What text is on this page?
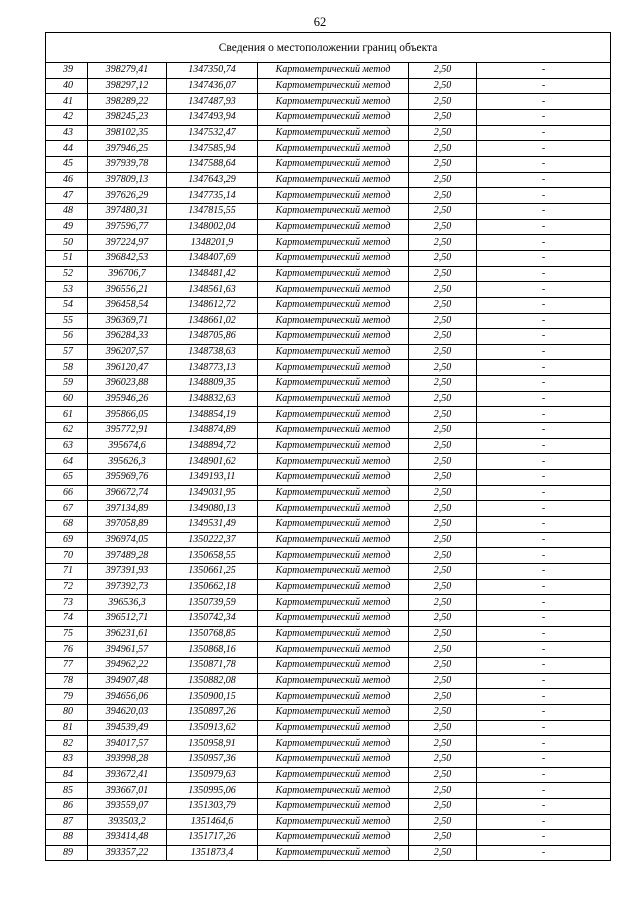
62
Сведения о местоположении границ объекта					
39	398279,41	1347350,74	Картометрический метод	2,50	-
40	398297,12	1347436,07	Картометрический метод	2,50	-
41	398289,22	1347487,93	Картометрический метод	2,50	-
42	398245,23	1347493,94	Картометрический метод	2,50	-
43	398102,35	1347532,47	Картометрический метод	2,50	-
44	397946,25	1347585,94	Картометрический метод	2,50	-
45	397939,78	1347588,64	Картометрический метод	2,50	-
46	397809,13	1347643,29	Картометрический метод	2,50	-
47	397626,29	1347735,14	Картометрический метод	2,50	-
48	397480,31	1347815,55	Картометрический метод	2,50	-
49	397596,77	1348002,04	Картометрический метод	2,50	-
50	397224,97	1348201,9	Картометрический метод	2,50	-
51	396842,53	1348407,69	Картометрический метод	2,50	-
52	396706,7	1348481,42	Картометрический метод	2,50	-
53	396556,21	1348561,63	Картометрический метод	2,50	-
54	396458,54	1348612,72	Картометрический метод	2,50	-
55	396369,71	1348661,02	Картометрический метод	2,50	-
56	396284,33	1348705,86	Картометрический метод	2,50	-
57	396207,57	1348738,63	Картометрический метод	2,50	-
58	396120,47	1348773,13	Картометрический метод	2,50	-
59	396023,88	1348809,35	Картометрический метод	2,50	-
60	395946,26	1348832,63	Картометрический метод	2,50	-
61	395866,05	1348854,19	Картометрический метод	2,50	-
62	395772,91	1348874,89	Картометрический метод	2,50	-
63	395674,6	1348894,72	Картометрический метод	2,50	-
64	395626,3	1348901,62	Картометрический метод	2,50	-
65	395969,76	1349193,11	Картометрический метод	2,50	-
66	396672,74	1349031,95	Картометрический метод	2,50	-
67	397134,89	1349080,13	Картометрический метод	2,50	-
68	397058,89	1349531,49	Картометрический метод	2,50	-
69	396974,05	1350222,37	Картометрический метод	2,50	-
70	397489,28	1350658,55	Картометрический метод	2,50	-
71	397391,93	1350661,25	Картометрический метод	2,50	-
72	397392,73	1350662,18	Картометрический метод	2,50	-
73	396536,3	1350739,59	Картометрический метод	2,50	-
74	396512,71	1350742,34	Картометрический метод	2,50	-
75	396231,61	1350768,85	Картометрический метод	2,50	-
76	394961,57	1350868,16	Картометрический метод	2,50	-
77	394962,22	1350871,78	Картометрический метод	2,50	-
78	394907,48	1350882,08	Картометрический метод	2,50	-
79	394656,06	1350900,15	Картометрический метод	2,50	-
80	394620,03	1350897,26	Картометрический метод	2,50	-
81	394539,49	1350913,62	Картометрический метод	2,50	-
82	394017,57	1350958,91	Картометрический метод	2,50	-
83	393998,28	1350957,36	Картометрический метод	2,50	-
84	393672,41	1350979,63	Картометрический метод	2,50	-
85	393667,01	1350995,06	Картометрический метод	2,50	-
86	393559,07	1351303,79	Картометрический метод	2,50	-
87	393503,2	1351464,6	Картометрический метод	2,50	-
88	393414,48	1351717,26	Картометрический метод	2,50	-
89	393357,22	1351873,4	Картометрический метод	2,50	-
